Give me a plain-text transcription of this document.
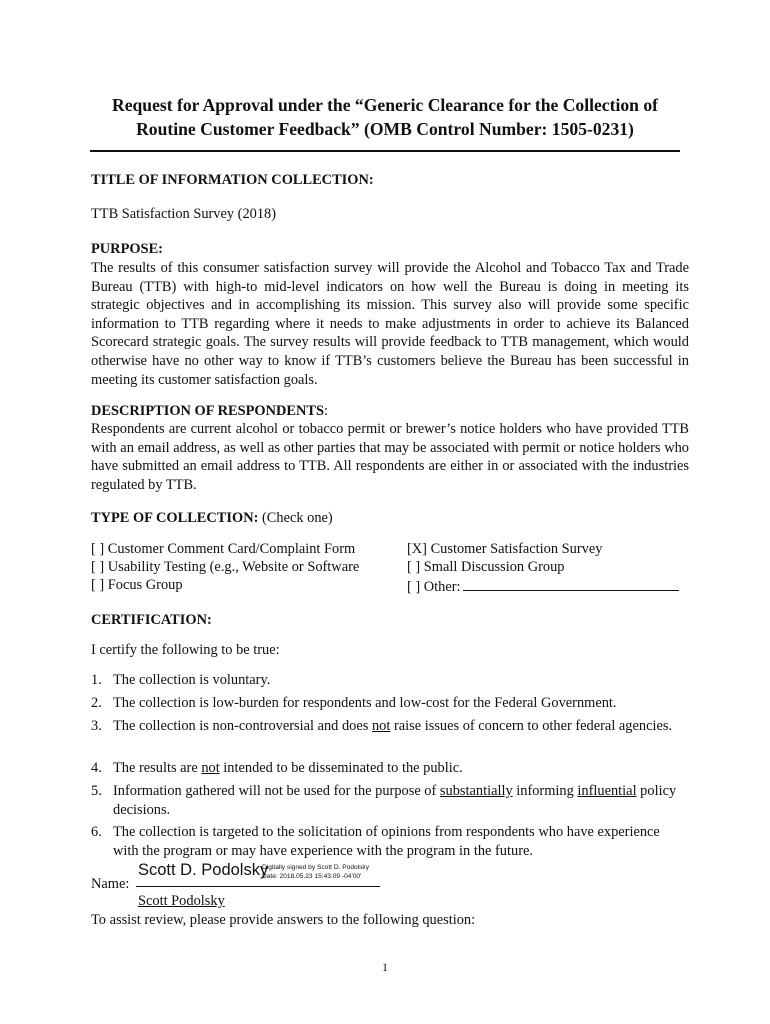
Request for Approval under the “Generic Clearance for the Collection of
Routine Customer Feedback” (OMB Control Number: 1505-0231)
TITLE OF INFORMATION COLLECTION:
TTB Satisfaction Survey (2018)
PURPOSE:
The results of this consumer satisfaction survey will provide the Alcohol and Tobacco Tax and Trade Bureau (TTB) with high-to mid-level indicators on how well the Bureau is doing in meeting its strategic objectives and in accomplishing its mission. This survey also will provide some specific information to TTB regarding where it needs to make adjustments in order to achieve its Balanced Scorecard strategic goals. The survey results will provide feedback to TTB management, which would otherwise have no other way to know if TTB’s customers believe the Bureau has been successful in meeting its customer satisfaction goals.
DESCRIPTION OF RESPONDENTS:
Respondents are current alcohol or tobacco permit or brewer’s notice holders who have provided TTB with an email address, as well as other parties that may be associated with permit or notice holders who have submitted an email address to TTB. All respondents are either in or associated with the industries regulated by TTB.
TYPE OF COLLECTION: (Check one)
[ ] Customer Comment Card/Complaint Form
[ ] Usability Testing (e.g., Website or Software
[ ] Focus Group
[X] Customer Satisfaction Survey
[ ] Small Discussion Group
[ ] Other:
CERTIFICATION:
I certify the following to be true:
1. The collection is voluntary.
2. The collection is low-burden for respondents and low-cost for the Federal Government.
3. The collection is non-controversial and does not raise issues of concern to other federal agencies.
4. The results are not intended to be disseminated to the public.
5. Information gathered will not be used for the purpose of substantially informing influential policy decisions.
6. The collection is targeted to the solicitation of opinions from respondents who have experience with the program or may have experience with the program in the future.
Scott D. Podolsky
Digitally signed by Scott D. Podolsky
Date: 2018.05.23 15:43:09 -04'00'
Name:
Scott Podolsky
To assist review, please provide answers to the following question:
1
